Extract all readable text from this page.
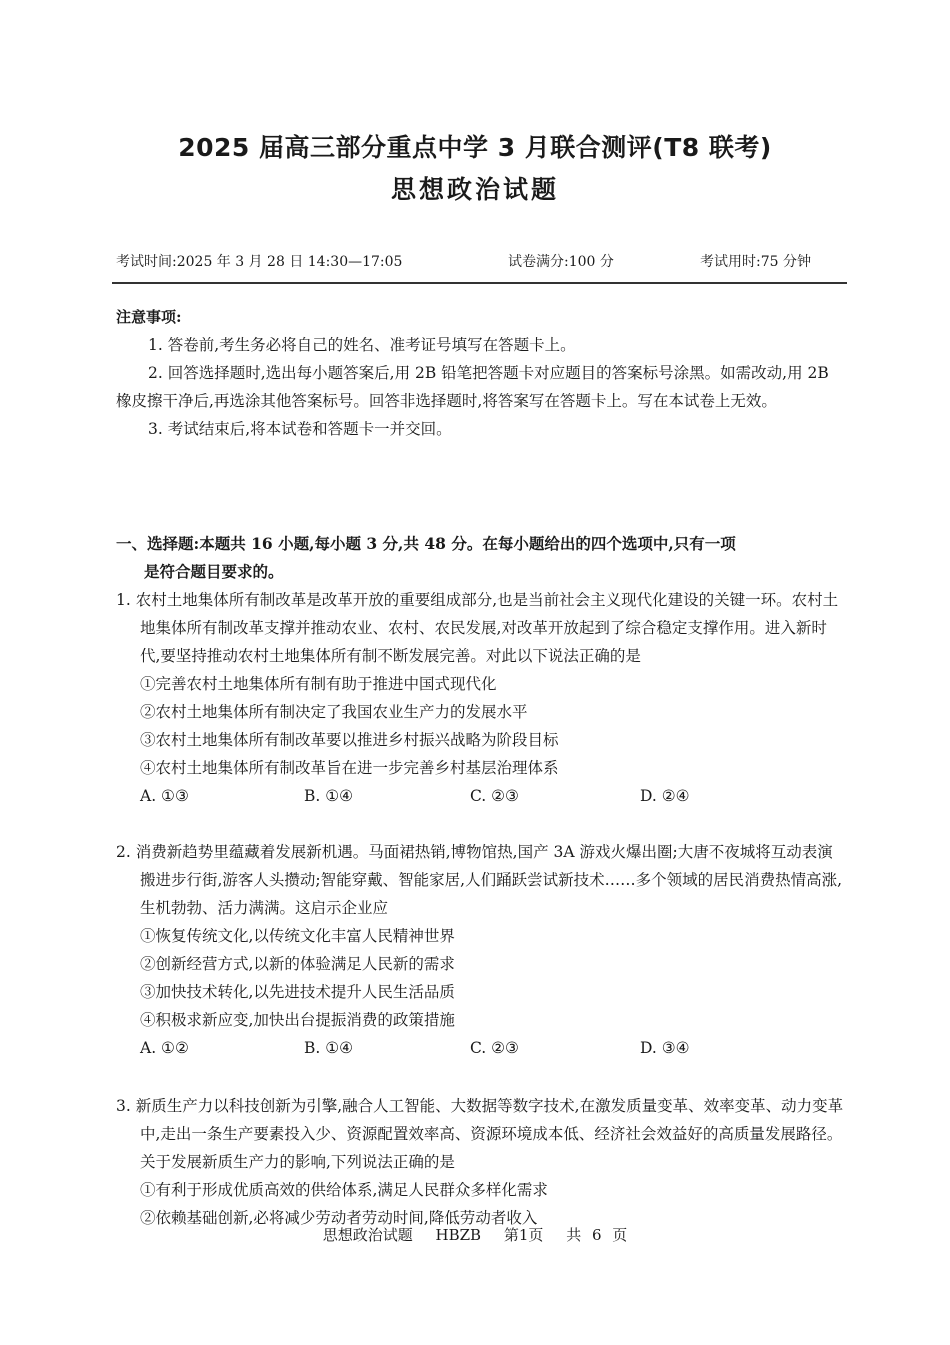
2025 届高三部分重点中学 3 月联合测评(T8 联考)
思想政治试题
考试时间:2025 年 3 月 28 日 14:30—17:05	试卷满分:100 分	考试用时:75 分钟
注意事项:

1. 答卷前,考生务必将自己的姓名、准考证号填写在答题卡上。

2. 回答选择题时,选出每小题答案后,用 2B 铅笔把答题卡对应题目的答案标号涂黑。如需改动,用 2B 橡皮擦干净后,再选涂其他答案标号。回答非选择题时,将答案写在答题卡上。写在本试卷上无效。

3. 考试结束后,将本试卷和答题卡一并交回。

一、选择题:本题共 16 小题,每小题 3 分,共 48 分。在每小题给出的四个选项中,只有一项
是符合题目要求的。
1. 农村土地集体所有制改革是改革开放的重要组成部分,也是当前社会主义现代化建设的关键一环。农村土地集体所有制改革支撑并推动农业、农村、农民发展,对改革开放起到了综合稳定支撑作用。进入新时代,要坚持推动农村土地集体所有制不断发展完善。对此以下说法正确的是
①完善农村土地集体所有制有助于推进中国式现代化
②农村土地集体所有制决定了我国农业生产力的发展水平
③农村土地集体所有制改革要以推进乡村振兴战略为阶段目标
④农村土地集体所有制改革旨在进一步完善乡村基层治理体系
A. ①③	B. ①④	C. ②③	D. ②④
2. 消费新趋势里蕴藏着发展新机遇。马面裙热销,博物馆热,国产 3A 游戏火爆出圈;大唐不夜城将互动表演搬进步行街,游客人头攒动;智能穿戴、智能家居,人们踊跃尝试新技术……多个领域的居民消费热情高涨,生机勃勃、活力满满。这启示企业应
①恢复传统文化,以传统文化丰富人民精神世界
②创新经营方式,以新的体验满足人民新的需求
③加快技术转化,以先进技术提升人民生活品质
④积极求新应变,加快出台提振消费的政策措施
A. ①②	B. ①④	C. ②③	D. ③④
3. 新质生产力以科技创新为引擎,融合人工智能、大数据等数字技术,在激发质量变革、效率变革、动力变革中,走出一条生产要素投入少、资源配置效率高、资源环境成本低、经济社会效益好的高质量发展路径。关于发展新质生产力的影响,下列说法正确的是
①有利于形成优质高效的供给体系,满足人民群众多样化需求
②依赖基础创新,必将减少劳动者劳动时间,降低劳动者收入
思想政治试题 HBZB 第1页 共 6 页
